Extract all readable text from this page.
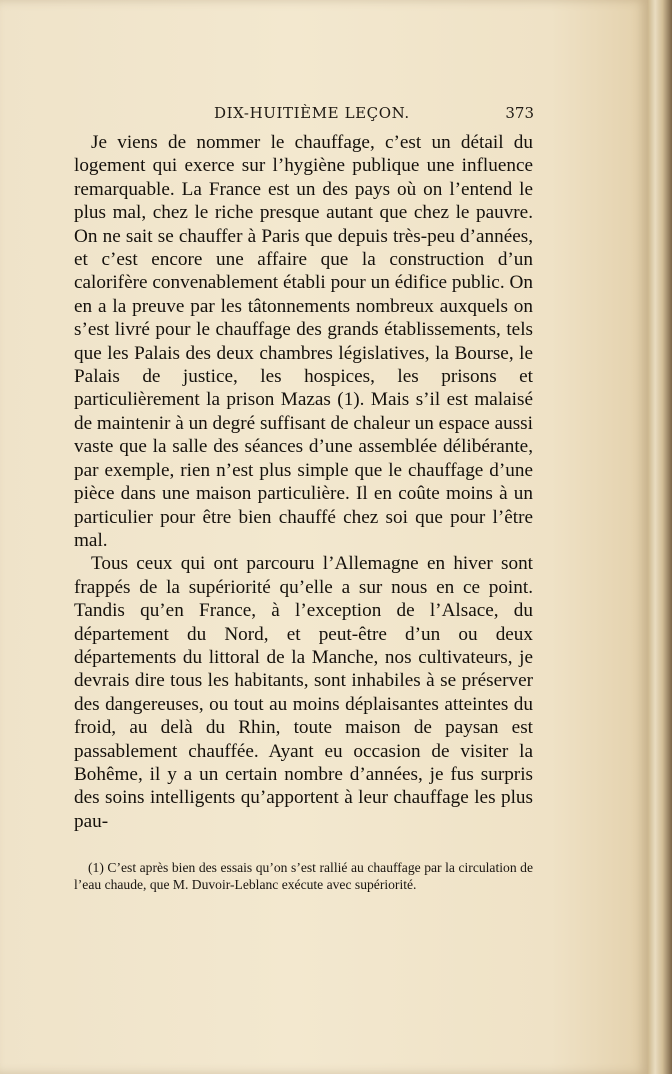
DIX-HUITIÈME LEÇON.	373

Je viens de nommer le chauffage, c’est un détail du logement qui exerce sur l’hygiène publique une influence remarquable. La France est un des pays où on l’entend le plus mal, chez le riche presque autant que chez le pauvre. On ne sait se chauffer à Paris que depuis très-peu d’années, et c’est encore une affaire que la construction d’un calorifère convenablement établi pour un édifice public. On en a la preuve par les tâtonnements nombreux auxquels on s’est livré pour le chauffage des grands établissements, tels que les Palais des deux chambres législatives, la Bourse, le Palais de justice, les hospices, les prisons et particulièrement la prison Mazas (1). Mais s’il est malaisé de maintenir à un degré suffisant de chaleur un espace aussi vaste que la salle des séances d’une assemblée délibérante, par exemple, rien n’est plus simple que le chauffage d’une pièce dans une maison particulière. Il en coûte moins à un particulier pour être bien chauffé chez soi que pour l’être mal.

Tous ceux qui ont parcouru l’Allemagne en hiver sont frappés de la supériorité qu’elle a sur nous en ce point. Tandis qu’en France, à l’exception de l’Alsace, du département du Nord, et peut-être d’un ou deux départements du littoral de la Manche, nos cultivateurs, je devrais dire tous les habitants, sont inhabiles à se préserver des dangereuses, ou tout au moins déplaisantes atteintes du froid, au delà du Rhin, toute maison de paysan est passablement chauffée. Ayant eu occasion de visiter la Bohême, il y a un certain nombre d’années, je fus surpris des soins intelligents qu’apportent à leur chauffage les plus pau-

(1) C’est après bien des essais qu’on s’est rallié au chauffage par la circulation de l’eau chaude, que M. Duvoir-Leblanc exécute avec supériorité.
